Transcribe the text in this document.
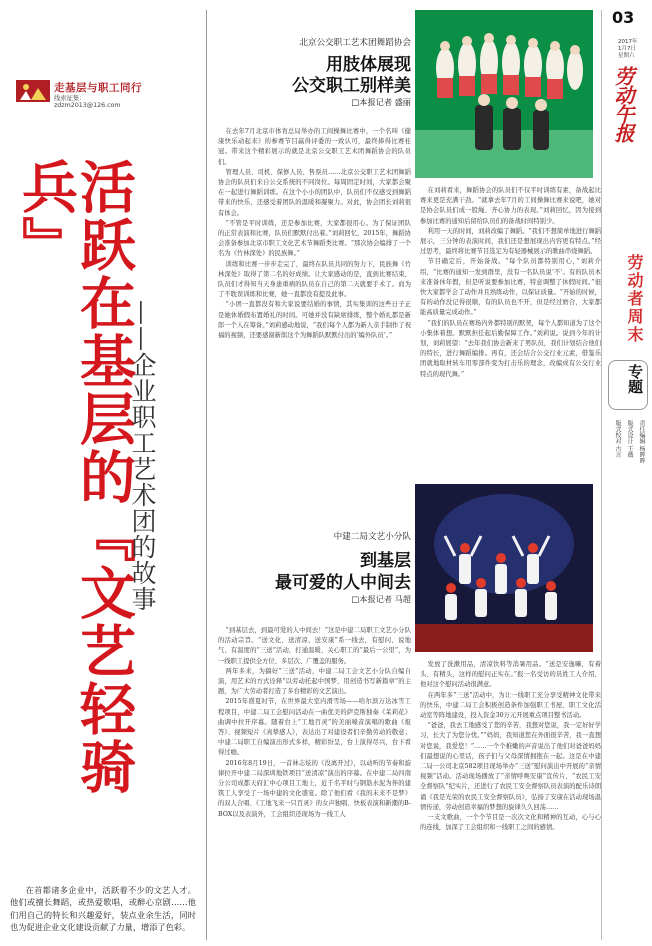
走基层与职工同行
线索征集：zdzm2013@126.com
活跃在基层的『文艺轻骑兵』
——企业职工艺术团的故事

在首都诸多企业中，活跃着不少的文艺人才。他们或擅长舞蹈，或热爱歌唱，或醉心京剧……他们用自己的特长和兴趣爱好，装点业余生活，同时也为促进企业文化建设贡献了力量，增添了色彩。

北京公交职工艺术团舞蹈协会
用肢体展现
公交职工别样美
□本报记者 盛丽

在去年7月北京市体育总局举办的工间操舞比赛中，一个名叫《健康快乐动起来》的参赛节目赢得评委的一致认可，最终捧得比赛桂冠。带来这个精彩展示的就是北京公交职工艺术团舞蹈协会的队员们。

管理人员、司机、保修人员、售票员……北京公交职工艺术团舞蹈协会的队员们来自公交系统的不同岗位。每周固定时间，大家都会聚在一起进行舞蹈训练。在这个小小的团队中，队员们不仅感受到舞蹈带来的快乐，还感受着团队的温暖和凝聚力。对此，协会团长刘莉很有体会。

“不管是平时训练，还是参加比赛，大家都很用心。为了保证团队的正常表演和比赛，队员们默默付出着。”刘莉回忆，2015年，舞蹈协会准备参加北京市职工文化艺术节舞蹈类比赛。“那次协会编排了一个名为《竹林深处》的民族舞。”

训练和比赛一步步走完了，最终在队员共同的努力下，民族舞《竹林深处》取得了第二名的好成绩。让大家感动的是，直到比赛结束，队员们才得知当天身患重病的队员在自己的第二天就要手术了。而为了不耽误训练和比赛，她一直都没有提及此事。

“小团一直都没有和大家说要结婚的事情，其实集训的这些日子正是她休婚假布置婚礼的时间。可她并没有缺席排练，整个婚礼都是新郎一个人在筹备。”刘莉感动地说，“我们每个人都为新人亲手制作了祝福的视频，还要感谢新郎这个为舞蹈队默默付出的‘编外队员’。”

在刘莉看来，舞蹈协会的队员们不仅平时训练有素，备战起比赛来更是充满干劲。“就拿去年7月的工间操舞比赛来说吧，她对是协会队员们成一股绳、齐心协力的表现。”刘莉回忆，因为接到参加比赛的通知后留给队员们的备战时间特别少。

利用一天的时间，刘莉改编了舞蹈。“我们不想简单地进行舞蹈展示，三分钟的表演时间，我们还是想展现出内容更有特点。”经过思考，最终将比赛节目选定为有轻器械展示的歌曲串烧舞蹈。

节目确定后，开始备战。“每个队员都特别用心，”刘莉介绍，“比赛的通知一发到群里，没有一名队员说‘不’。有的队员本来准备休年假，但是听说要参加比赛，特意调整了休假时间。”很快大家都学会了动作并且熟练动作，以保证质量。“开始的时候，有的动作没记得很顺，有的队员也不开，但是经过磨合，大家都能高质量完成动作。”

“我们的队员在赛场内外都特别的默契，每个人都知道为了这个小集体着想。默默担任起后勤保障工作。”刘莉说。说到今年的计划，刘莉展望：“去年我们协会新来了男队员，我们计划结合他们的特长，进行舞蹈编排。再有，还会结合公交行业元素，借鉴乐团就地取材转车用零部件变为打击乐的理念，改编成有公交行业特点的现代舞。”

中建二局文艺小分队
到基层
最可爱的人中间去
□本报记者 马超

“到基层去，到最可爱的人中间去！”这是中建二局职工文艺小分队的活动宗旨。“送文化、送清凉、送安康”系一线去，有慰问、说地气、有温度的“三送”活动，打通温暖、关心职工的“最后一公里”，为一线职工提供全方位、多层次、广覆盖的服务。

两年多来，为搞好“三送”活动，中建二局工会文艺小分队自编自演，用艺术的方式诠释“以劳动托起中国梦，用创造书写新篇章”的主题，为广大劳动者打造了多台精彩的文艺演出。

2015年盛夏时节，在世界最大室内滑雪场——哈尔滨万达冰雪工程项目，中建二局工会慰问活动在一曲优美的萨克斯独奏《茉莉花》曲调中拉开序幕。随着台上“工地百灵”的美丽嗓音演唱的歌曲《报答》、视频短片《真挚感人》，表达出了对建设者们辛勤劳动的敬意；中建二局职工自编演出形式多样，精彩纷呈，台上演得尽兴，台下看得过瘾。

2016年8月19日，一首林志炫的《没离开过》，以动听的节奏和旋律拉开中建二局深圳地铁项目“送清凉”演出的序幕。在中建二局四南分公司成都天府汇中心项目工地上，近千名平时与钢筋水泥为伴的建筑工人享受了一场中建的文化盛宴。除了他们看《我的未来不是梦》的双人合唱、《工地飞来一只百灵》的女声独唱、快板表演和新潮的B-BOX以及表演外，工会组织还现场为一线工人

发放了洗漱用品，清凉饮料等消暑用品。“送是安逸嘛，有着头、有精头，这样的慰问正实在。”报一名受访的员姓工人介绍，他对这个慰问活动很满意。

在两年多“三送”活动中，为让一线职工充分享受精神文化带来的快乐，中建二局工会积极创造条件加强职工书屋、职工文化活动室等阵地建设，投入资金30万元开展重点项目整书活动。

“爸爸，我去工地感受了您的辛苦，我想对您说，我一定好好学习，长大了为您分忧。”“妈妈，我知道您在外面很辛苦，我一直想对您说，我爱您！”……一个个稚嫩的声音说出了他们对爸爸妈妈们最想说的心里话，孩子们与父母深情拥抱在一起。这是在中建二局一公司北京582项目现场举办“三送”慰问演出中开展的“亲情视频”活动。活动现场播放了“亲情呼唤安康”宣传片，“农民工安全督察队”纪实片，还进行了农民工安全督察队员表演的配乐诗朗诵《我是光荣的农民工安全督察队员》，弘扬了安康在活动现场温情传递，劳动创造幸福的梦想的旋律久久回荡……

一支文歌曲，一个个节目是一次次文化和精神的互动，心与心的连线，加深了工会组织和一线职工之间的感情。

03
2017年
1月7日
星期六
劳动午报
劳动者周末
专题
责任编辑 杨晖晖
版式设计 王薇
版式校对 古言
